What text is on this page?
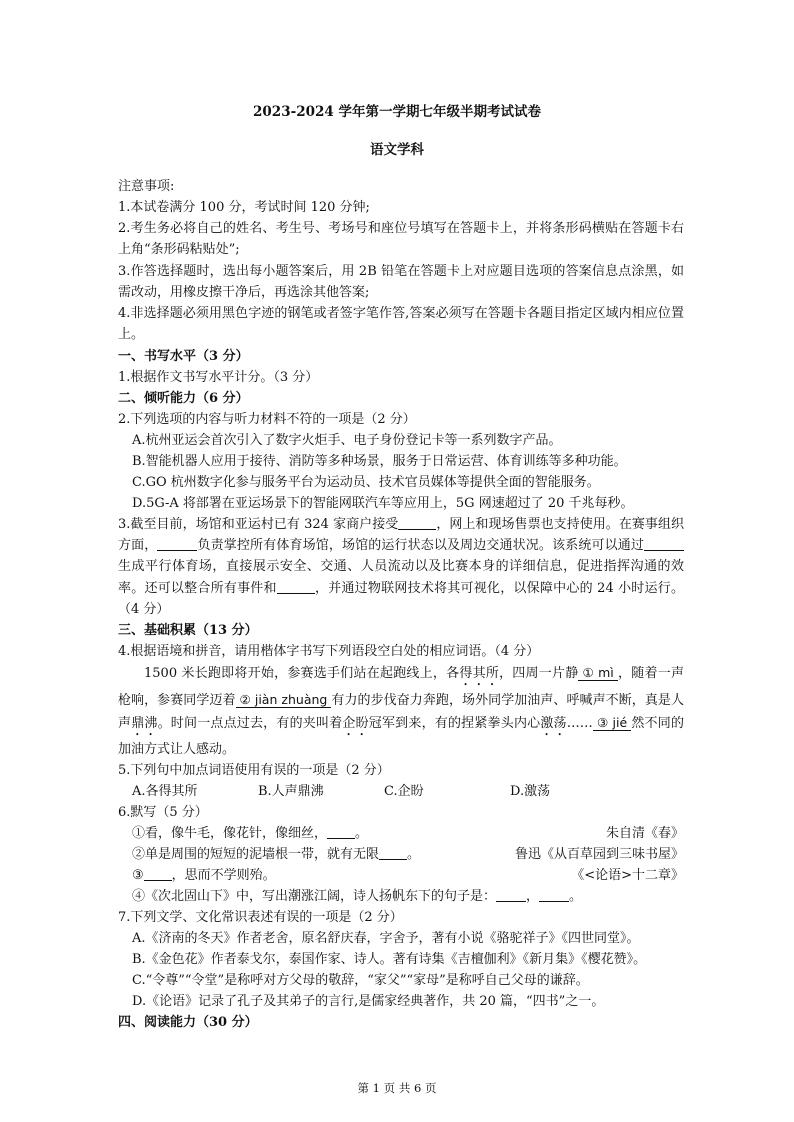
2023-2024 学年第一学期七年级半期考试试卷
语文学科
注意事项:
1.本试卷满分 100 分，考试时间 120 分钟;
2.考生务必将自己的姓名、考生号、考场号和座位号填写在答题卡上，并将条形码横贴在答题卡右上角“条形码粘贴处”;
3.作答选择题时，选出每小题答案后，用 2B 铅笔在答题卡上对应题目选项的答案信息点涂黑，如需改动，用橡皮擦干净后，再选涂其他答案;
4.非选择题必须用黑色字迹的钢笔或者签字笔作答,答案必须写在答题卡各题目指定区域内相应位置上。
一、书写水平（3 分）
1.根据作文书写水平计分。（3 分）
二、倾听能力（6 分）
2.下列选项的内容与听力材料不符的一项是（2 分）
A.杭州亚运会首次引入了数字火炬手、电子身份登记卡等一系列数字产品。
B.智能机器人应用于接待、消防等多种场景，服务于日常运营、体育训练等多种功能。
C.GO 杭州数字化参与服务平台为运动员、技术官员媒体等提供全面的智能服务。
D.5G-A 将部署在亚运场景下的智能网联汽车等应用上，5G 网速超过了 20 千兆每秒。
3.截至目前，场馆和亚运村已有 324 家商户接受	，网上和现场售票也支持使用。在赛事组织方面，	负责掌控所有体育场馆，场馆的运行状态以及周边交通状况。该系统可以通过生成平行体育场，直接展示安全、交通、人员流动以及比赛本身的详细信息，促进指挥沟通的效率。还可以整合所有事件和	，并通过物联网技术将其可视化，以保障中心的 24 小时运行。（4 分）
三、基础积累（13 分）
4.根据语境和拼音，请用楷体字书写下列语段空白处的相应词语。（4 分）
1500 米长跑即将开始，参赛选手们站在起跑线上，各得其所，四周一片静 ① mì ，随着一声枪响，参赛同学迈着 ② jiàn zhuàng 有力的步伐奋力奔跑，场外同学加油声、呼喊声不断，真是人声鼎沸。时间一点点过去，有的夹叫着企盼冠军到来，有的捏紧拳头内心激荡…… ③ jié 然不同的加油方式让人感动。
5.下列句中加点词语使用有误的一项是（2 分）
A.各得其所	B.人声鼎沸	C.企盼	D.激荡
6.默写（5 分）
①看，像牛毛，像花针，像细丝， 。	朱自清《春》
②单是周围的短短的泥墙根一带，就有无限 。	鲁迅《从百草园到三味书屋》
③ ，思而不学则殆。	《<论语>十二章》
④《次北固山下》中，写出潮涨江阔，诗人扬帆东下的句子是： ， 。
7.下列文学、文化常识表述有误的一项是（2 分）
A.《济南的冬天》作者老舍，原名舒庆春，字舍予，著有小说《骆驼祥子》《四世同堂》。
B.《金色花》作者泰戈尔，泰国作家、诗人。著有诗集《吉檀伽利》《新月集》《樱花赞》。
C.“令尊”“令堂”是称呼对方父母的敬辞，“家父”“家母”是称呼自己父母的谦辞。
D.《论语》记录了孔子及其弟子的言行,是儒家经典著作，共 20 篇，“四书”之一。
四、阅读能力（30 分）
第 1 页 共 6 页
